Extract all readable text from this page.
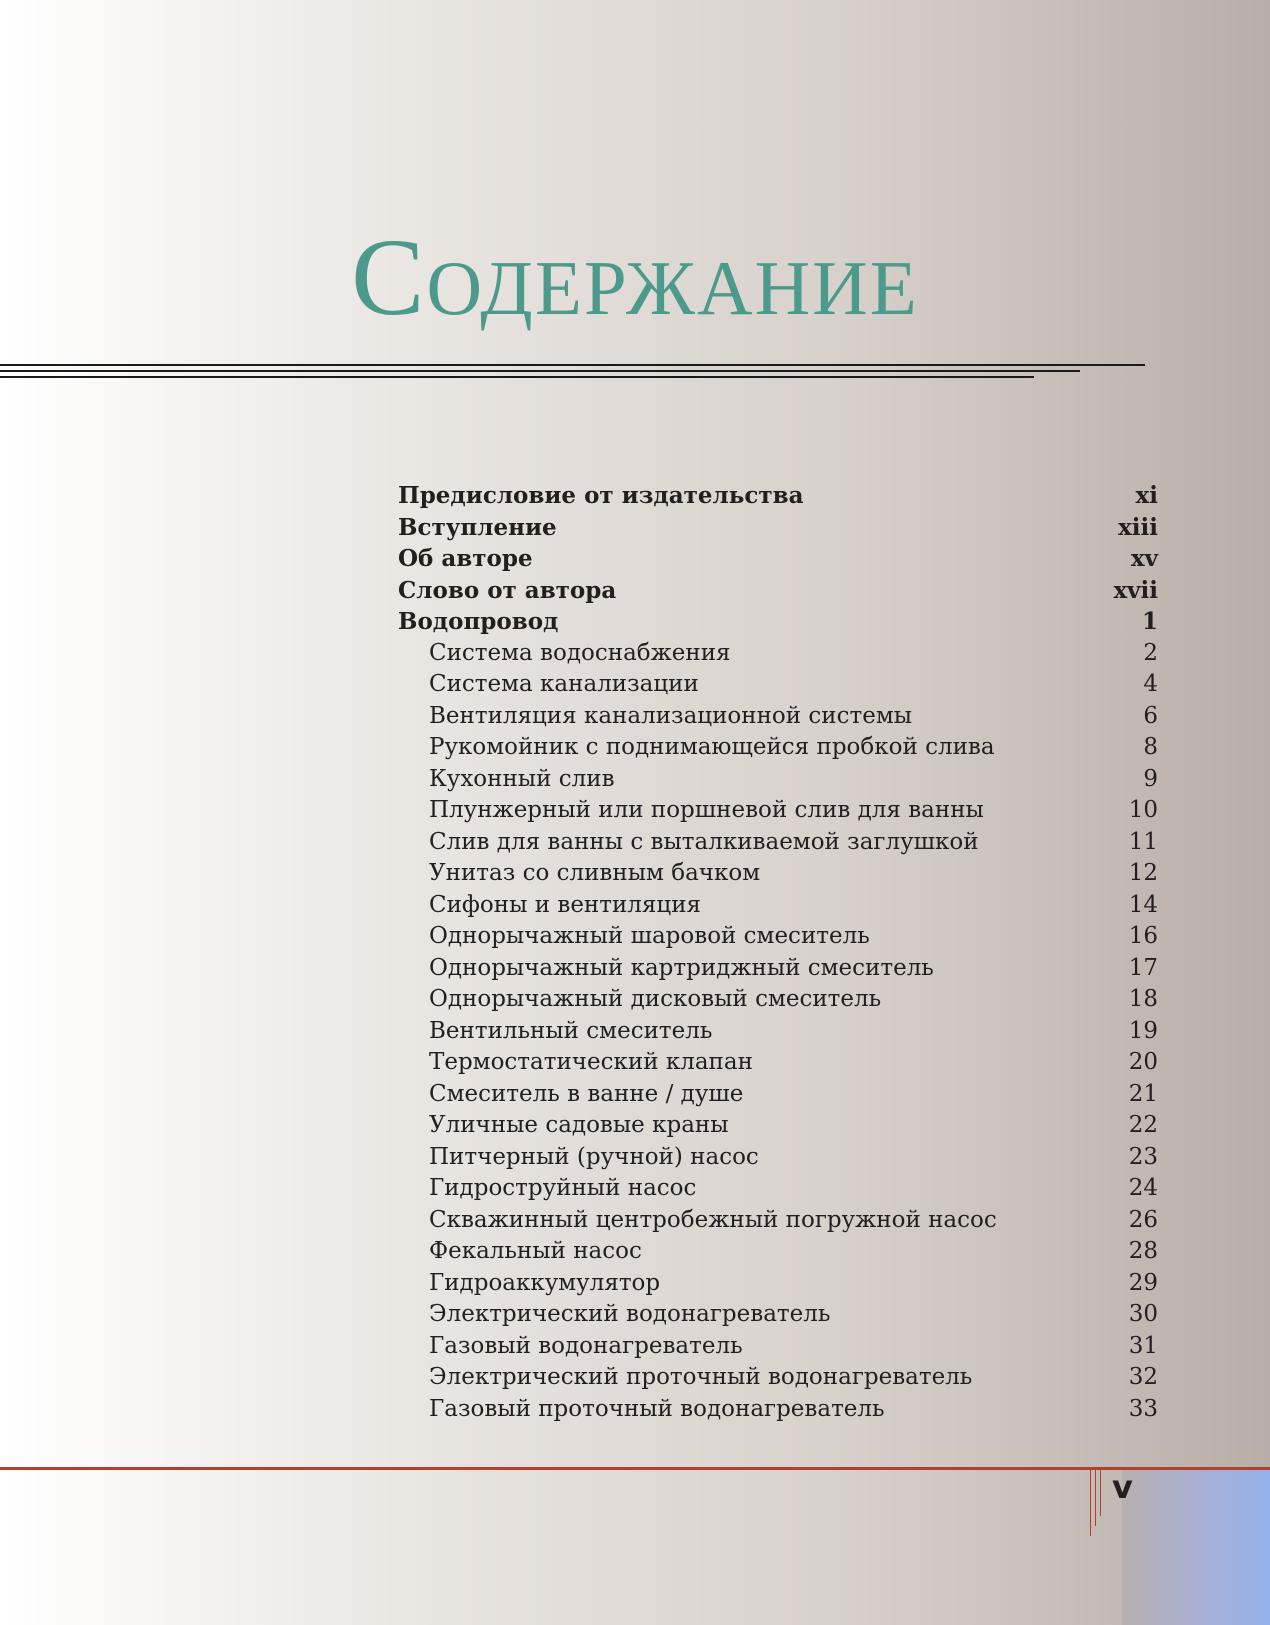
Содержание
Предисловие от издательства	xi
Вступление	xiii
Об авторе	xv
Слово от автора	xvii
Водопровод	1
Система водоснабжения	2
Система канализации	4
Вентиляция канализационной системы	6
Рукомойник с поднимающейся пробкой слива	8
Кухонный слив	9
Плунжерный или поршневой слив для ванны	10
Слив для ванны с выталкиваемой заглушкой	11
Унитаз со сливным бачком	12
Сифоны и вентиляция	14
Однорычажный шаровой смеситель	16
Однорычажный картриджный смеситель	17
Однорычажный дисковый смеситель	18
Вентильный смеситель	19
Термостатический клапан	20
Смеситель в ванне / душе	21
Уличные садовые краны	22
Питчерный (ручной) насос	23
Гидроструйный насос	24
Скважинный центробежный погружной насос	26
Фекальный насос	28
Гидроаккумулятор	29
Электрический водонагреватель	30
Газовый водонагреватель	31
Электрический проточный водонагреватель	32
Газовый проточный водонагреватель	33
v
